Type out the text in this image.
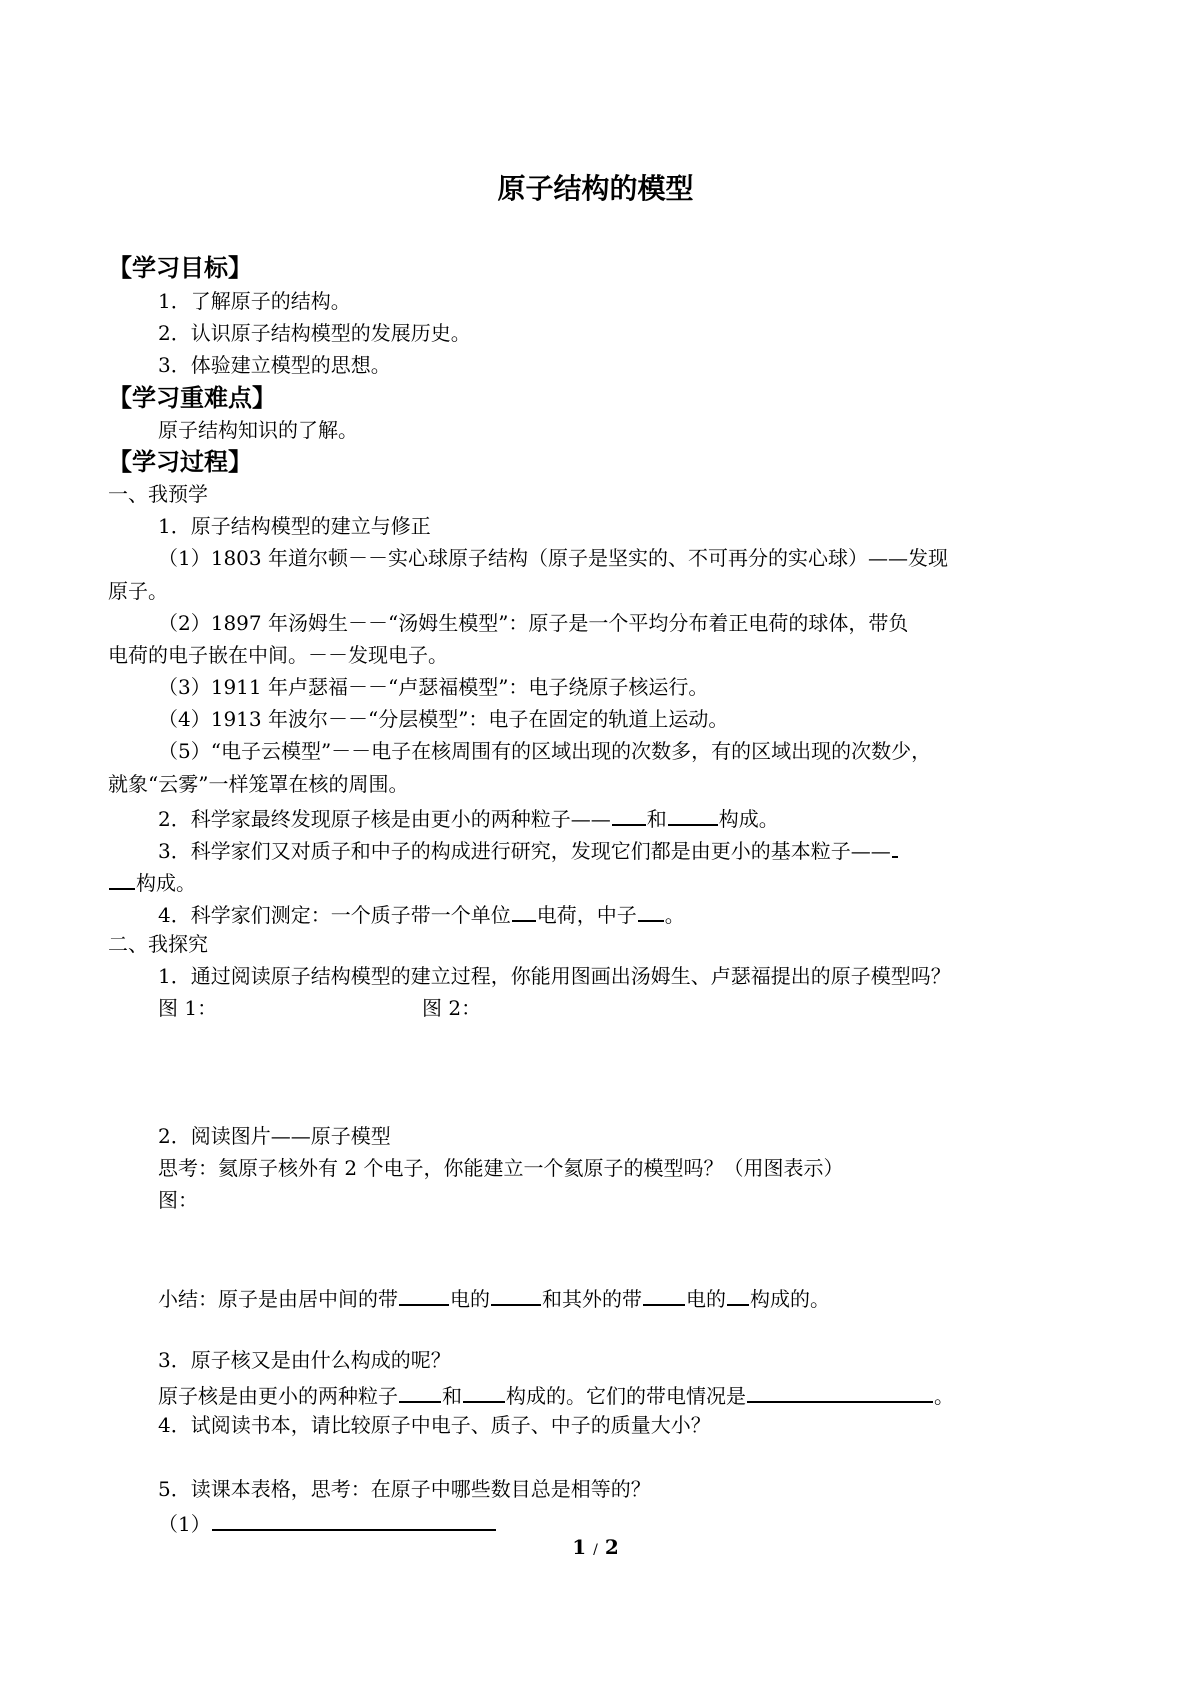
原子结构的模型
【学习目标】
1．了解原子的结构。
2．认识原子结构模型的发展历史。
3．体验建立模型的思想。
【学习重难点】
原子结构知识的了解。
【学习过程】
一、我预学
1．原子结构模型的建立与修正
（1）1803 年道尔顿－－实心球原子结构（原子是坚实的、不可再分的实心球）——发现
原子。
（2）1897 年汤姆生－－“汤姆生模型”：原子是一个平均分布着正电荷的球体，带负
电荷的电子嵌在中间。－－发现电子。
（3）1911 年卢瑟福－－“卢瑟福模型”：电子绕原子核运行。
（4）1913 年波尔－－“分层模型”：电子在固定的轨道上运动。
（5）“电子云模型”－－电子在核周围有的区域出现的次数多，有的区域出现的次数少，
就象“云雾”一样笼罩在核的周围。
2．科学家最终发现原子核是由更小的两种粒子—— 和	构成。
3．科学家们又对质子和中子的构成进行研究，发现它们都是由更小的基本粒子——
构成。
4．科学家们测定：一个质子带一个单位 电荷，中子 。
二、我探究
1．通过阅读原子结构模型的建立过程，你能用图画出汤姆生、卢瑟福提出的原子模型吗？
图 1：	图 2：
2．阅读图片——原子模型
思考：氦原子核外有 2 个电子，你能建立一个氦原子的模型吗？（用图表示）
图：
小结：原子是由居中间的带	电的	和其外的带 电的 构成的。
3．原子核又是由什么构成的呢？
原子核是由更小的两种粒子 和 构成的。它们的带电情况是	。
4．试阅读书本，请比较原子中电子、质子、中子的质量大小？
5．读课本表格，思考：在原子中哪些数目总是相等的？
（1）
1 / 2
